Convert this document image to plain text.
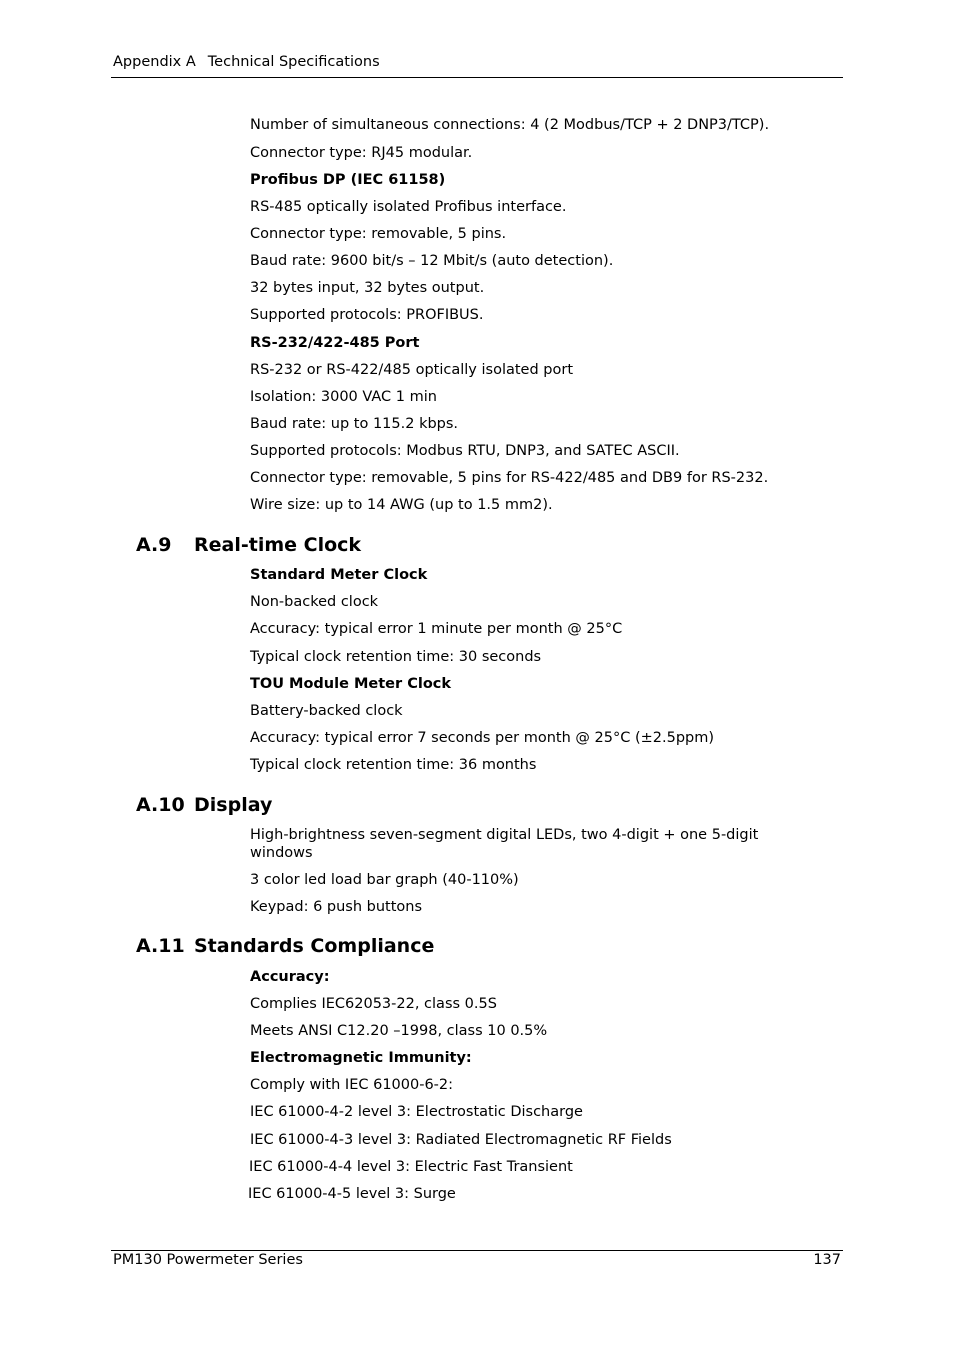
Appendix A Technical Specifications
Number of simultaneous connections: 4 (2 Modbus/TCP + 2 DNP3/TCP).
Connector type: RJ45 modular.
Profibus DP (IEC 61158)
RS-485 optically isolated Profibus interface.
Connector type: removable, 5 pins.
Baud rate: 9600 bit/s – 12 Mbit/s (auto detection).
32 bytes input, 32 bytes output.
Supported protocols: PROFIBUS.
RS-232/422-485 Port
RS-232 or RS-422/485 optically isolated port
Isolation: 3000 VAC 1 min
Baud rate: up to 115.2 kbps.
Supported protocols: Modbus RTU, DNP3, and SATEC ASCII.
Connector type: removable, 5 pins for RS-422/485 and DB9 for RS-232.
Wire size: up to 14 AWG (up to 1.5 mm2).
A.9 Real-time Clock
Standard Meter Clock
Non-backed clock
Accuracy: typical error 1 minute per month @ 25°C
Typical clock retention time: 30 seconds
TOU Module Meter Clock
Battery-backed clock
Accuracy: typical error 7 seconds per month @ 25°C (±2.5ppm)
Typical clock retention time: 36 months
A.10 Display
High-brightness seven-segment digital LEDs, two 4-digit + one 5-digit windows
3 color led load bar graph (40-110%)
Keypad: 6 push buttons
A.11 Standards Compliance
Accuracy:
Complies IEC62053-22, class 0.5S
Meets ANSI C12.20 –1998, class 10 0.5%
Electromagnetic Immunity:
Comply with IEC 61000-6-2:
IEC 61000-4-2 level 3: Electrostatic Discharge
IEC 61000-4-3 level 3: Radiated Electromagnetic RF Fields
IEC 61000-4-4 level 3: Electric Fast Transient
IEC 61000-4-5 level 3: Surge
PM130 Powermeter Series	137
